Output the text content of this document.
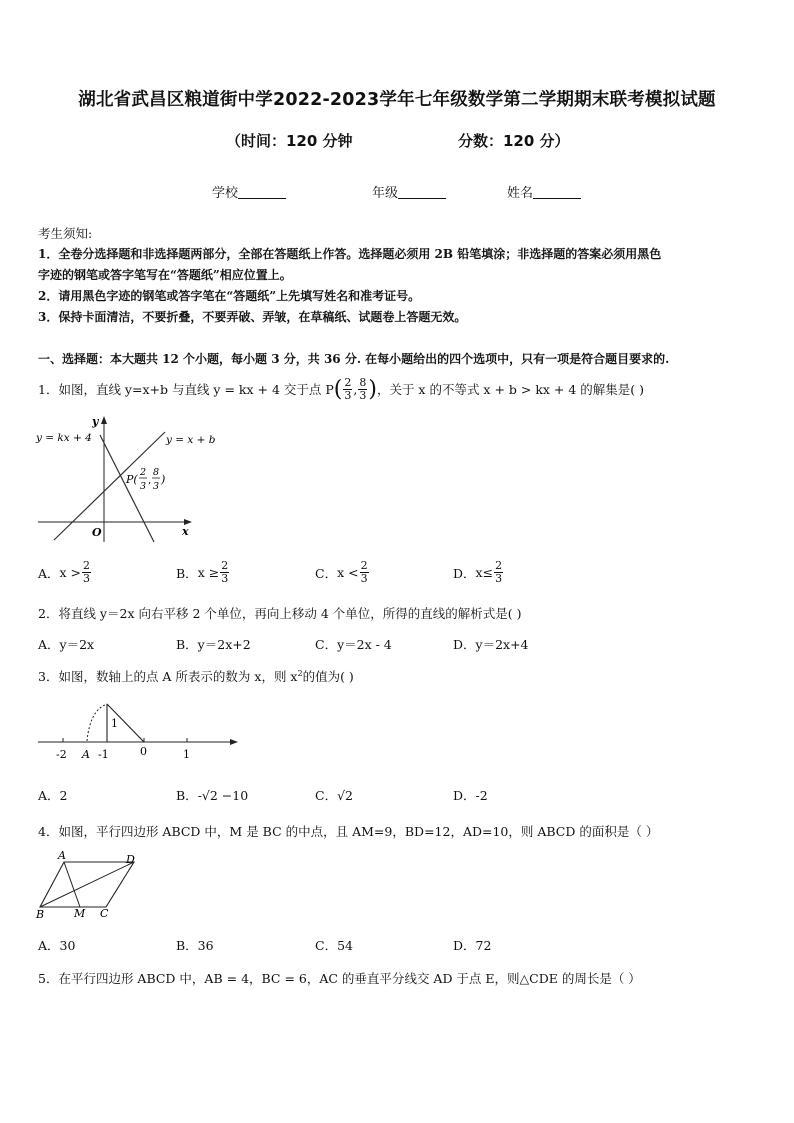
湖北省武昌区粮道街中学2022-2023学年七年级数学第二学期期末联考模拟试题
（时间：120 分钟	分数：120 分）
学校	年级	姓名
考生须知:
1．全卷分选择题和非选择题两部分，全部在答题纸上作答。选择题必须用 2B 铅笔填涂；非选择题的答案必须用黑色
字迹的钢笔或答字笔写在“答题纸”相应位置上。
2．请用黑色字迹的钢笔或答字笔在“答题纸”上先填写姓名和准考证号。
3．保持卡面清洁，不要折叠，不要弄破、弄皱，在草稿纸、试题卷上答题无效。
一、选择题：本大题共 12 个小题，每小题 3 分，共 36 分. 在每小题给出的四个选项中，只有一项是符合题目要求的.
1．如图，直线 y=x+b 与直线 y = kx + 4 交于点 P ( $\frac{2}{3}$ , $\frac{8}{3}$ ) ，关于 x 的不等式 x + b > kx + 4 的解集是( )
y = kx + 4	y = x + b
y
x
O
P(
2
3
,
8
3
)
A． $x > \frac{2}{3}$	B． $x \ge \frac{2}{3}$	C． $x < \frac{2}{3}$	D． $x\le \frac{2}{3}$
2．将直线 y＝2x 向右平移 2 个单位，再向上移动 4 个单位，所得的直线的解析式是( )
A．y＝2x	B．y＝2x+2	C．y＝2x - 4	D．y＝2x+4
3．如图，数轴上的点 A 所表示的数为 x，则 $x^2$的值为( )
1
-2 A -1	0	1
A．2	B．-√2 −10	C．√2	D．-2
4．如图，平行四边形 ABCD 中，M 是 BC 的中点，且 AM=9，BD=12，AD=10，则 ABCD 的面积是（ ）
A	D
B	M C
A．30	B．36	C．54	D．72
5．在平行四边形 ABCD 中，AB = 4，BC = 6，AC 的垂直平分线交 AD 于点 E，则△CDE 的周长是（ ）
